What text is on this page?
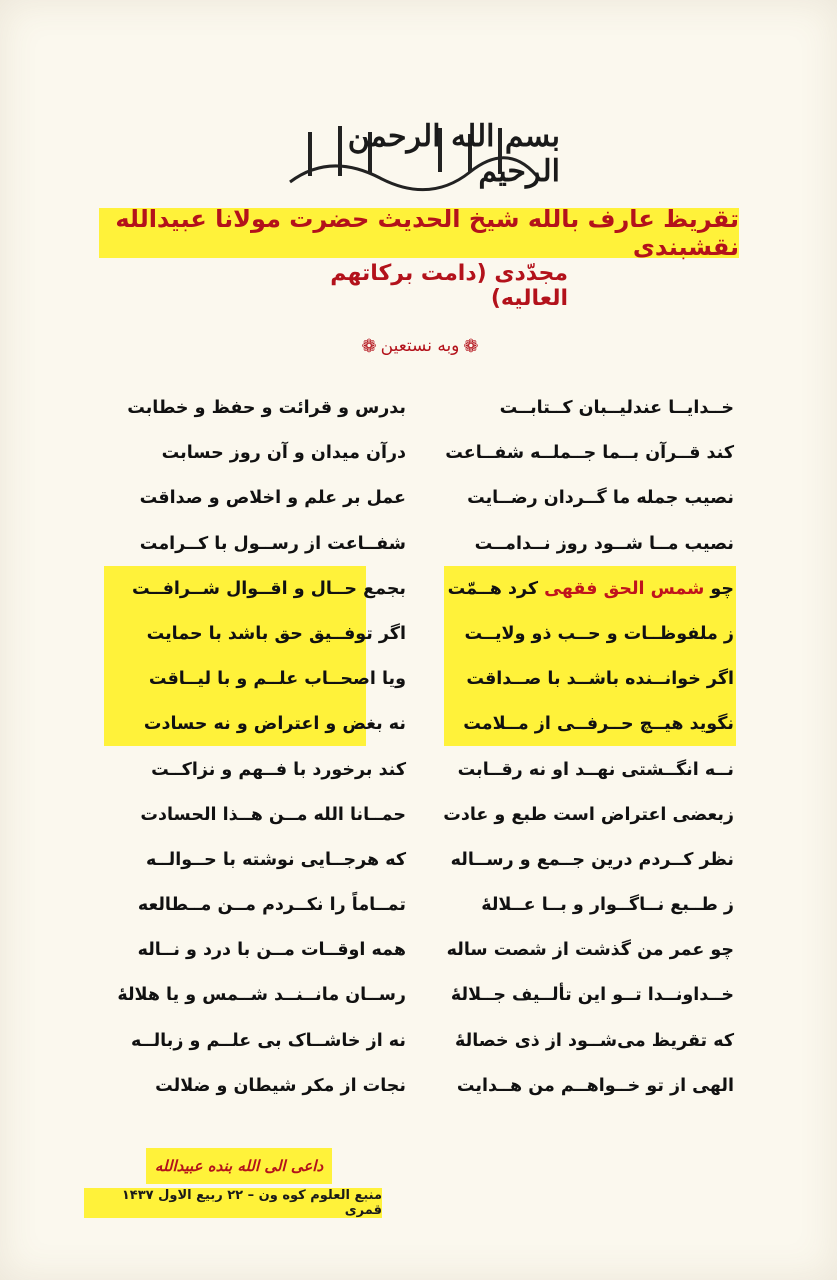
بسم الله الرحمن الرحیم
تقریظ عارف بالله شیخ الحدیث حضرت مولانا عبیدالله نقشبندی
مجدّدی (دامت برکاتهم العالیه)
❁
وبه نستعین
❁
خــدایــا عندلیــبان کــتابــت
کند قــرآن بــما جــملــه شفــاعت
نصیب جمله ما گــردان رضــایت
نصیب مــا شــود روز نــدامــت
چو شمس الحق فقهی کرد هــمّت
ز ملفوظــات و حــب ذو ولایــت
اگر خوانــنده باشــد با صــداقت
نگوید هیــچ حــرفــی از مــلامت
نــه انگــشتی نهــد او نه رقــابت
زبعضی اعتراض است طبع و عادت
نظر کــردم درین جــمع و رســاله
ز طــبع نــاگــوار و بــا عــلالهٔ
چو عمر من گذشت از شصت ساله
خــداونــدا تــو این تألــیف جــلالهٔ
که تقریظ می‌شــود از ذی خصالهٔ
الهی از تو خــواهــم من هــدایت
بدرس و قرائت و حفظ و خطابت
درآن میدان و آن روز حسابت
عمل بر علم و اخلاص و صداقت
شفــاعت از رســول با کــرامت
بجمع حــال و اقــوال شــرافــت
اگر توفــیق حق باشد با حمایت
ویا اصحــاب علــم و با لیــاقت
نه بغض و اعتراض و نه حسادت
کند برخورد با فــهم و نزاکــت
حمــانا الله مــن هــذا الحسادت
که هرجــایی نوشته با حــوالــه
تمــاماً را نکــردم مــن مــطالعه
همه اوقــات مــن با درد و نــاله
رســان مانــنــد شــمس و یا هلالهٔ
نه از خاشــاک بی علــم و زبالــه
نجات از مکر شیطان و ضلالت
داعی الی الله بنده عبیدالله
منبع العلوم کوه ون – ۲۲ ربیع الاول ۱۴۳۷ قمری
